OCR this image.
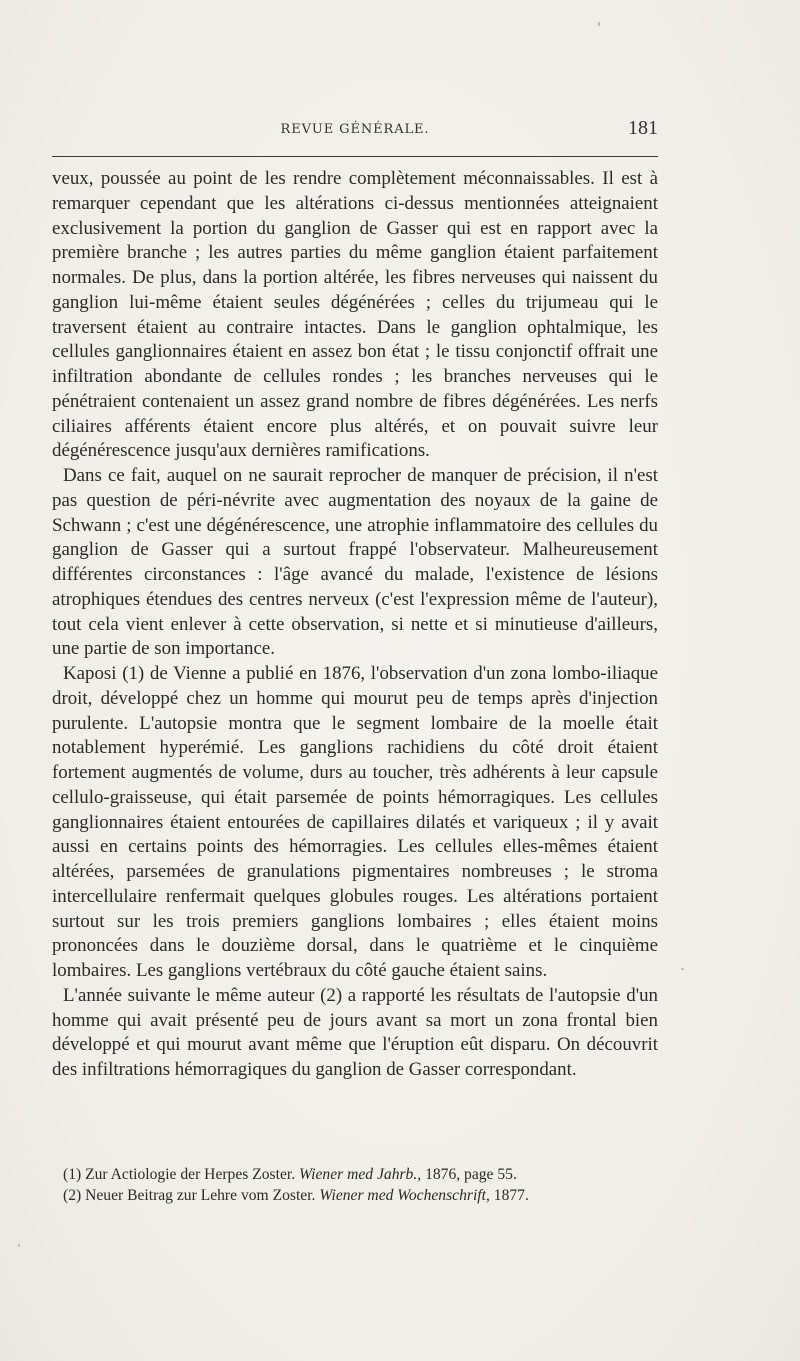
REVUE GÉNÉRALE.	181

veux, poussée au point de les rendre complètement méconnaissables. Il est à remarquer cependant que les altérations ci-dessus mentionnées atteignaient exclusivement la portion du ganglion de Gasser qui est en rapport avec la première branche ; les autres parties du même ganglion étaient parfaitement normales. De plus, dans la portion altérée, les fibres nerveuses qui naissent du ganglion lui-même étaient seules dégénérées ; celles du trijumeau qui le traversent étaient au contraire intactes. Dans le ganglion ophtalmique, les cellules ganglionnaires étaient en assez bon état ; le tissu conjonctif offrait une infiltration abondante de cellules rondes ; les branches nerveuses qui le pénétraient contenaient un assez grand nombre de fibres dégénérées. Les nerfs ciliaires afférents étaient encore plus altérés, et on pouvait suivre leur dégénérescence jusqu'aux dernières ramifications.

Dans ce fait, auquel on ne saurait reprocher de manquer de précision, il n'est pas question de péri-névrite avec augmentation des noyaux de la gaine de Schwann ; c'est une dégénérescence, une atrophie inflammatoire des cellules du ganglion de Gasser qui a surtout frappé l'observateur. Malheureusement différentes circonstances : l'âge avancé du malade, l'existence de lésions atrophiques étendues des centres nerveux (c'est l'expression même de l'auteur), tout cela vient enlever à cette observation, si nette et si minutieuse d'ailleurs, une partie de son importance.

Kaposi (1) de Vienne a publié en 1876, l'observation d'un zona lombo-iliaque droit, développé chez un homme qui mourut peu de temps après d'injection purulente. L'autopsie montra que le segment lombaire de la moelle était notablement hyperémié. Les ganglions rachidiens du côté droit étaient fortement augmentés de volume, durs au toucher, très adhérents à leur capsule cellulo-graisseuse, qui était parsemée de points hémorragiques. Les cellules ganglionnaires étaient entourées de capillaires dilatés et variqueux ; il y avait aussi en certains points des hémorragies. Les cellules elles-mêmes étaient altérées, parsemées de granulations pigmentaires nombreuses ; le stroma intercellulaire renfermait quelques globules rouges. Les altérations portaient surtout sur les trois premiers ganglions lombaires ; elles étaient moins prononcées dans le douzième dorsal, dans le quatrième et le cinquième lombaires. Les ganglions vertébraux du côté gauche étaient sains.

L'année suivante le même auteur (2) a rapporté les résultats de l'autopsie d'un homme qui avait présenté peu de jours avant sa mort un zona frontal bien développé et qui mourut avant même que l'éruption eût disparu. On découvrit des infiltrations hémorragiques du ganglion de Gasser correspondant.

(1) Zur Actiologie der Herpes Zoster. Wiener med Jahrb., 1876, page 55.
(2) Neuer Beitrag zur Lehre vom Zoster. Wiener med Wochenschrift, 1877.
